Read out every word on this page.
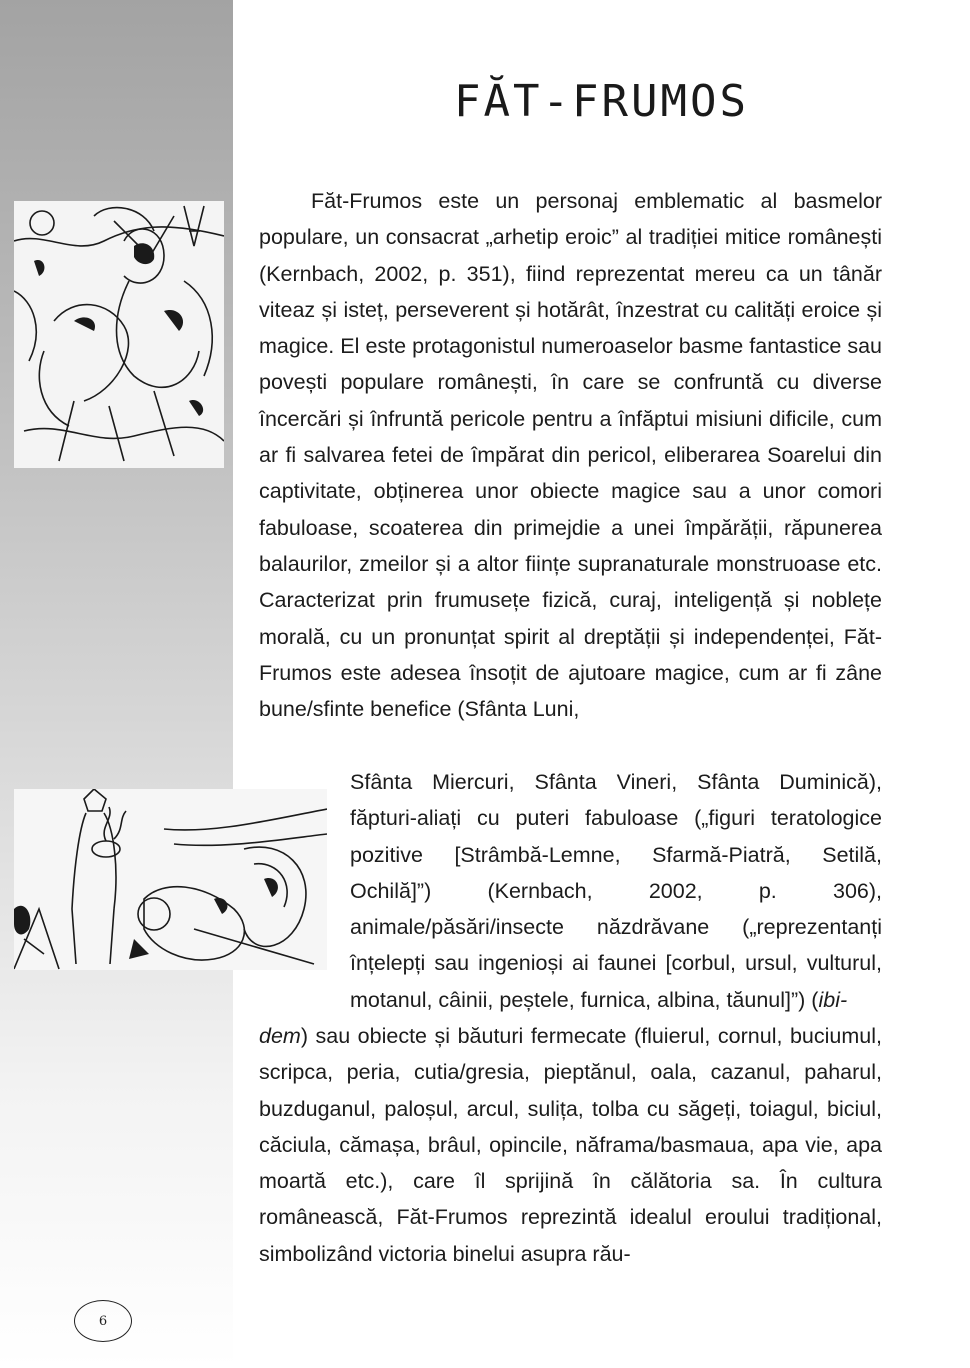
FĂT-FRUMOS

Făt-Frumos este un personaj emblematic al basmelor populare, un consacrat „arhetip eroic” al tradiției mitice românești (Kernbach, 2002, p. 351), fiind reprezentat mereu ca un tânăr viteaz și isteț, perseverent și hotărât, înzestrat cu calități eroice și magice. El este protagonistul numeroaselor basme fantastice sau povești populare românești, în care se confruntă cu diverse încercări și înfruntă pericole pentru a înfăptui misiuni dificile, cum ar fi salvarea fetei de împărat din pericol, eliberarea Soarelui din captivitate, obținerea unor obiecte magice sau a unor comori fabuloase, scoaterea din primejdie a unei împărății, răpunerea balaurilor, zmeilor și a altor ființe supranaturale monstruoase etc. Caracterizat prin frumusețe fizică, curaj, inteligență și noblețe morală, cu un pronunțat spirit al dreptății și independenței, Făt-Frumos este adesea însoțit de ajutoare magice, cum ar fi zâne bune/sfinte benefice (Sfânta Luni,

Sfânta Miercuri, Sfânta Vineri, Sfânta Duminică), făpturi-aliați cu puteri fabuloase („figuri teratologice pozitive [Strâmbă-Lemne, Sfarmă-Piatră, Setilă, Ochilă]”) (Kernbach, 2002, p. 306), animale/păsări/insecte năzdrăvane („reprezentanți înțelepți sau ingenioși ai faunei [corbul, ursul, vulturul, motanul, câinii, peștele, furnica, albina, tăunul]”) (ibi-

dem) sau obiecte și băuturi fermecate (fluierul, cornul, buciumul, scripca, peria, cutia/gresia, pieptănul, oala, cazanul, paharul, buzduganul, paloșul, arcul, sulița, tolba cu săgeți, toiagul, biciul, căciula, cămașa, brâul, opincile, năframa/basmaua, apa vie, apa moartă etc.), care îl sprijină în călătoria sa. În cultura românească, Făt-Frumos reprezintă idealul eroului tradițional, simbolizând victoria binelui asupra rău-

6
